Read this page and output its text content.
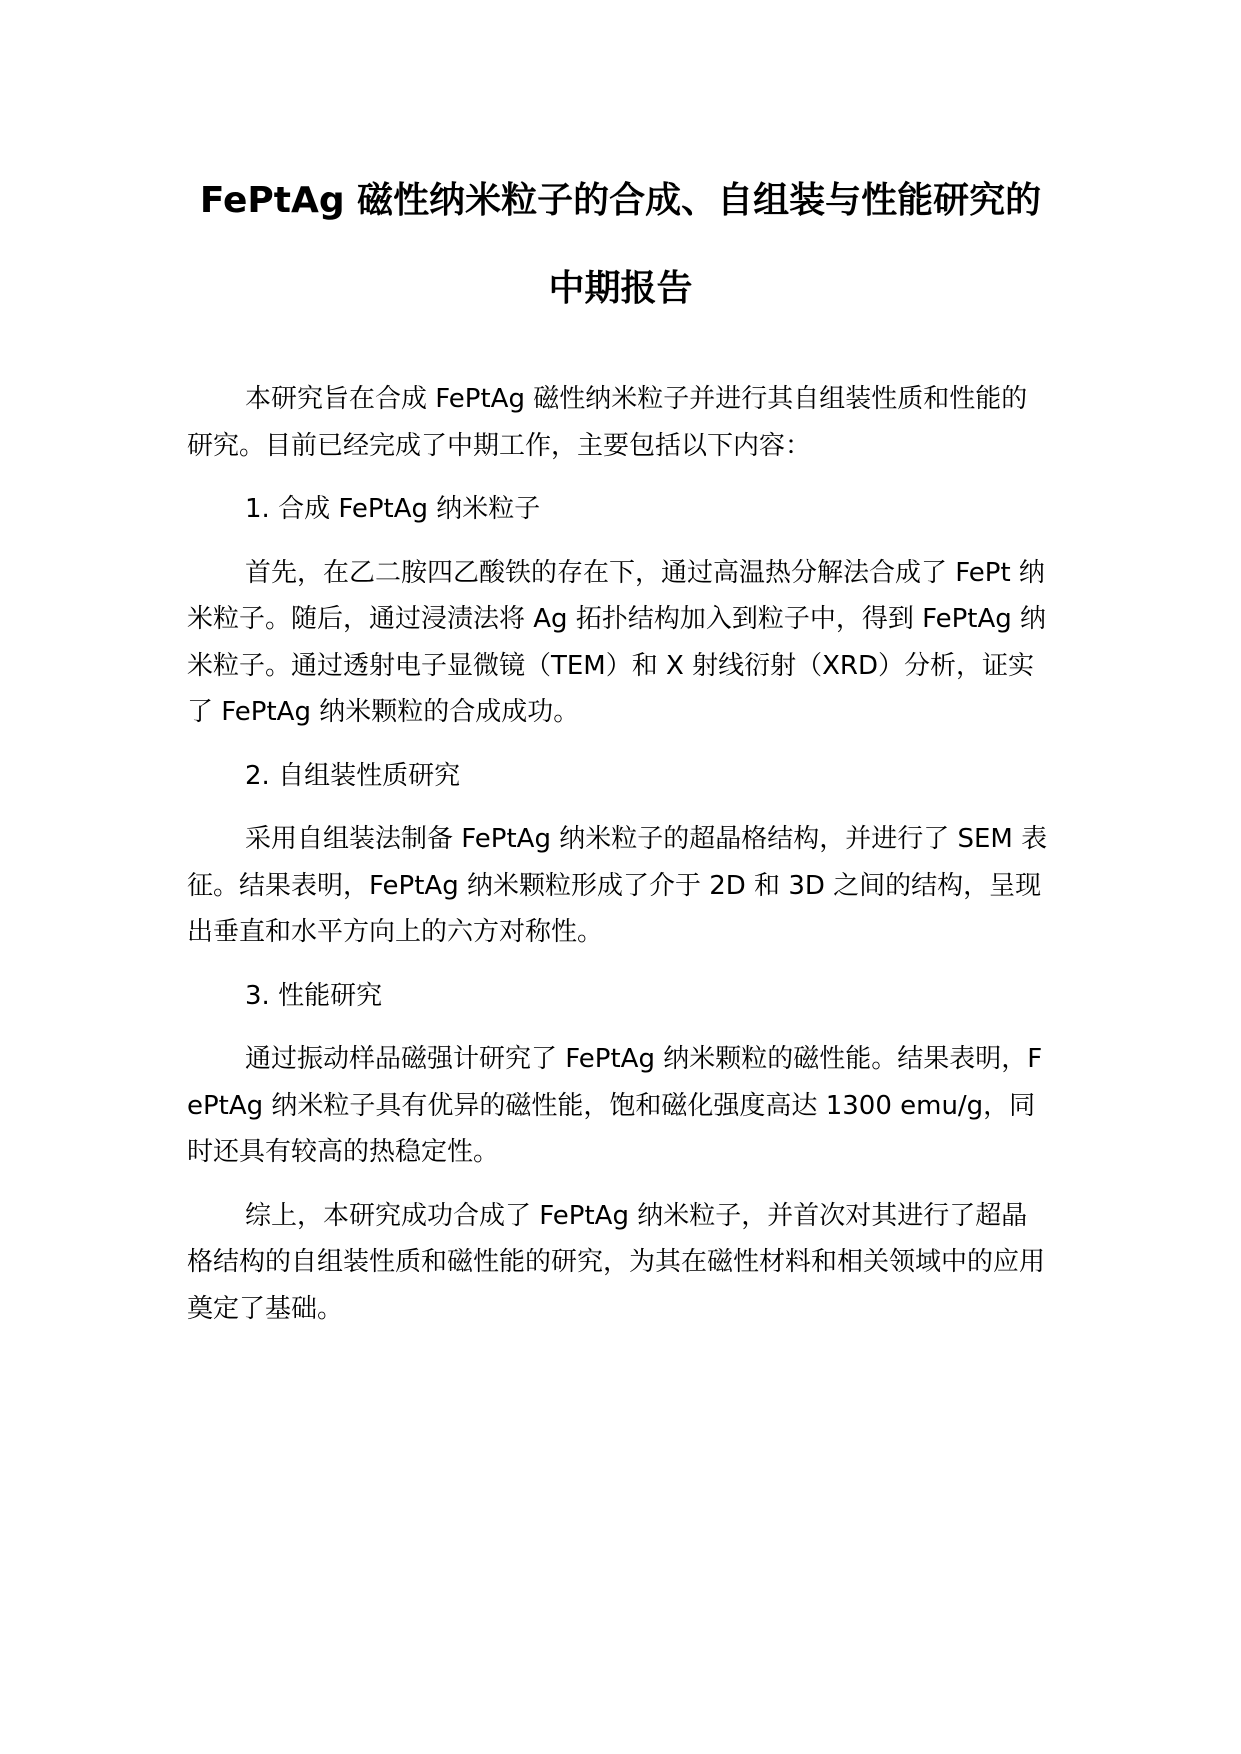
FePtAg 磁性纳米粒子的合成、自组装与性能研究的
中期报告

本研究旨在合成 FePtAg 磁性纳米粒子并进行其自组装性质和性能的研究。目前已经完成了中期工作，主要包括以下内容：

1. 合成 FePtAg 纳米粒子

首先，在乙二胺四乙酸铁的存在下，通过高温热分解法合成了 FePt 纳米粒子。随后，通过浸渍法将 Ag 拓扑结构加入到粒子中，得到 FePtAg 纳米粒子。通过透射电子显微镜（TEM）和 X 射线衍射（XRD）分析，证实了 FePtAg 纳米颗粒的合成成功。

2. 自组装性质研究

采用自组装法制备 FePtAg 纳米粒子的超晶格结构，并进行了 SEM 表征。结果表明，FePtAg 纳米颗粒形成了介于 2D 和 3D 之间的结构，呈现出垂直和水平方向上的六方对称性。

3. 性能研究

通过振动样品磁强计研究了 FePtAg 纳米颗粒的磁性能。结果表明，FePtAg 纳米粒子具有优异的磁性能，饱和磁化强度高达 1300 emu/g，同时还具有较高的热稳定性。

综上，本研究成功合成了 FePtAg 纳米粒子，并首次对其进行了超晶格结构的自组装性质和磁性能的研究，为其在磁性材料和相关领域中的应用奠定了基础。
